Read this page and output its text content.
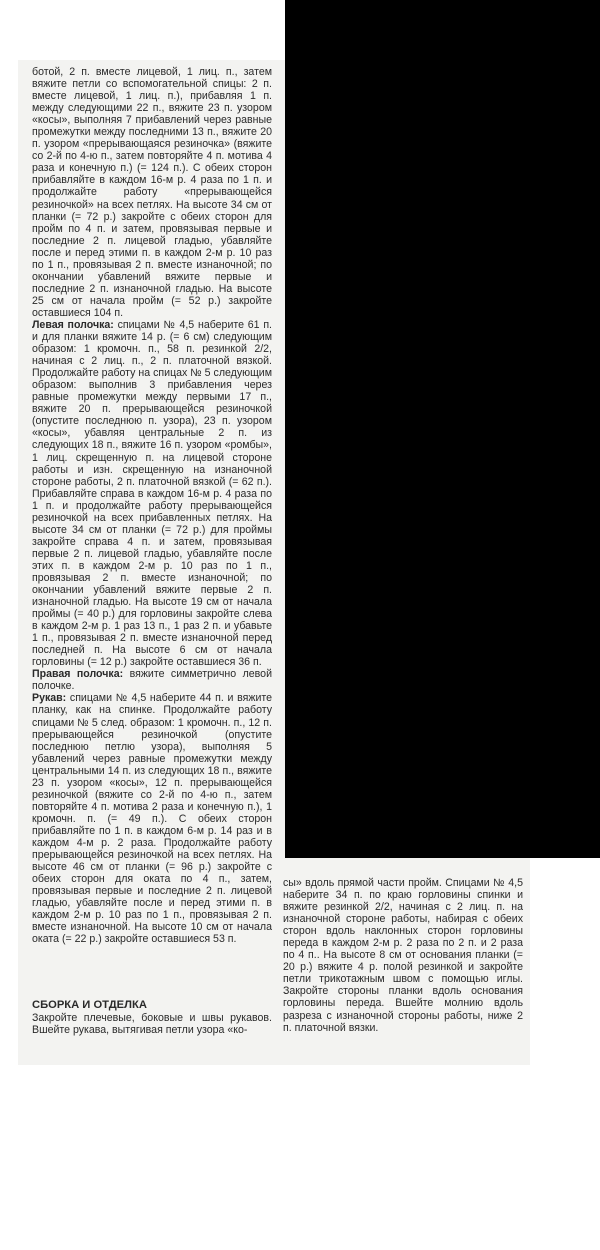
ботой, 2 п. вместе лицевой, 1 лиц. п., затем вяжите петли со вспомогательной спицы: 2 п. вместе лицевой, 1 лиц. п.), прибавляя 1 п. между следующими 22 п., вяжите 23 п. узором «косы», выполняя 7 прибавлений через равные промежутки между последними 13 п., вяжите 20 п. узором «прерывающаяся резиночка» (вяжите со 2-й по 4-ю п., затем повторяйте 4 п. мотива 4 раза и конечную п.) (= 124 п.). С обеих сторон прибавляйте в каждом 16-м р. 4 раза по 1 п. и продолжайте работу «прерывающейся резиночкой» на всех петлях. На высоте 34 см от планки (= 72 р.) закройте с обеих сторон для пройм по 4 п. и затем, провязывая первые и последние 2 п. лицевой гладью, убавляйте после и перед этими п. в каждом 2-м р. 10 раз по 1 п., провязывая 2 п. вместе изнаночной; по окончании убавлений вяжите первые и последние 2 п. изнаночной гладью. На высоте 25 см от начала пройм (= 52 р.) закройте оставшиеся 104 п.

Левая полочка: спицами № 4,5 наберите 61 п. и для планки вяжите 14 р. (= 6 см) следующим образом: 1 кромочн. п., 58 п. резинкой 2/2, начиная с 2 лиц. п., 2 п. платочной вязкой. Продолжайте работу на спицах № 5 следующим образом: выполнив 3 прибавления через равные промежутки между первыми 17 п., вяжите 20 п. прерывающейся резиночкой (опустите последнюю п. узора), 23 п. узором «косы», убавляя центральные 2 п. из следующих 18 п., вяжите 16 п. узором «ромбы», 1 лиц. скрещенную п. на лицевой стороне работы и изн. скрещенную на изнаночной стороне работы, 2 п. платочной вязкой (= 62 п.). Прибавляйте справа в каждом 16-м р. 4 раза по 1 п. и продолжайте работу прерывающейся резиночкой на всех прибавленных петлях. На высоте 34 см от планки (= 72 р.) для проймы закройте справа 4 п. и затем, провязывая первые 2 п. лицевой гладью, убавляйте после этих п. в каждом 2-м р. 10 раз по 1 п., провязывая 2 п. вместе изнаночной; по окончании убавлений вяжите первые 2 п. изнаночной гладью. На высоте 19 см от начала проймы (= 40 р.) для горловины закройте слева в каждом 2-м р. 1 раз 13 п., 1 раз 2 п. и убавьте 1 п., провязывая 2 п. вместе изнаночной перед последней п. На высоте 6 см от начала горловины (= 12 р.) закройте оставшиеся 36 п.

Правая полочка: вяжите симметрично левой полочке.

Рукав: спицами № 4,5 наберите 44 п. и вяжите планку, как на спинке. Продолжайте работу спицами № 5 след. образом: 1 кромочн. п., 12 п. прерывающейся резиночкой (опустите последнюю петлю узора), выполняя 5 убавлений через равные промежутки между центральными 14 п. из следующих 18 п., вяжите 23 п. узором «косы», 12 п. прерывающейся резиночкой (вяжите со 2-й по 4-ю п., затем повторяйте 4 п. мотива 2 раза и конечную п.), 1 кромочн. п. (= 49 п.). С обеих сторон прибавляйте по 1 п. в каждом 6-м р. 14 раз и в каждом 4-м р. 2 раза. Продолжайте работу прерывающейся резиночкой на всех петлях. На высоте 46 см от планки (= 96 р.) закройте с обеих сторон для оката по 4 п., затем, провязывая первые и последние 2 п. лицевой гладью, убавляйте после и перед этими п. в каждом 2-м р. 10 раз по 1 п., провязывая 2 п. вместе изнаночной. На высоте 10 см от начала оката (= 22 р.) закройте оставшиеся 53 п.

СБОРКА И ОТДЕЛКА

Закройте плечевые, боковые и швы рукавов. Вшейте рукава, вытягивая петли узора «ко-

сы» вдоль прямой части пройм. Спицами № 4,5 наберите 34 п. по краю горловины спинки и вяжите резинкой 2/2, начиная с 2 лиц. п. на изнаночной стороне работы, набирая с обеих сторон вдоль наклонных сторон горловины переда в каждом 2-м р. 2 раза по 2 п. и 2 раза по 4 п.. На высоте 8 см от основания планки (= 20 р.) вяжите 4 р. полой резинкой и закройте петли трикотажным швом с помощью иглы. Закройте стороны планки вдоль основания горловины переда. Вшейте молнию вдоль разреза с изнаночной стороны работы, ниже 2 п. платочной вязки.
